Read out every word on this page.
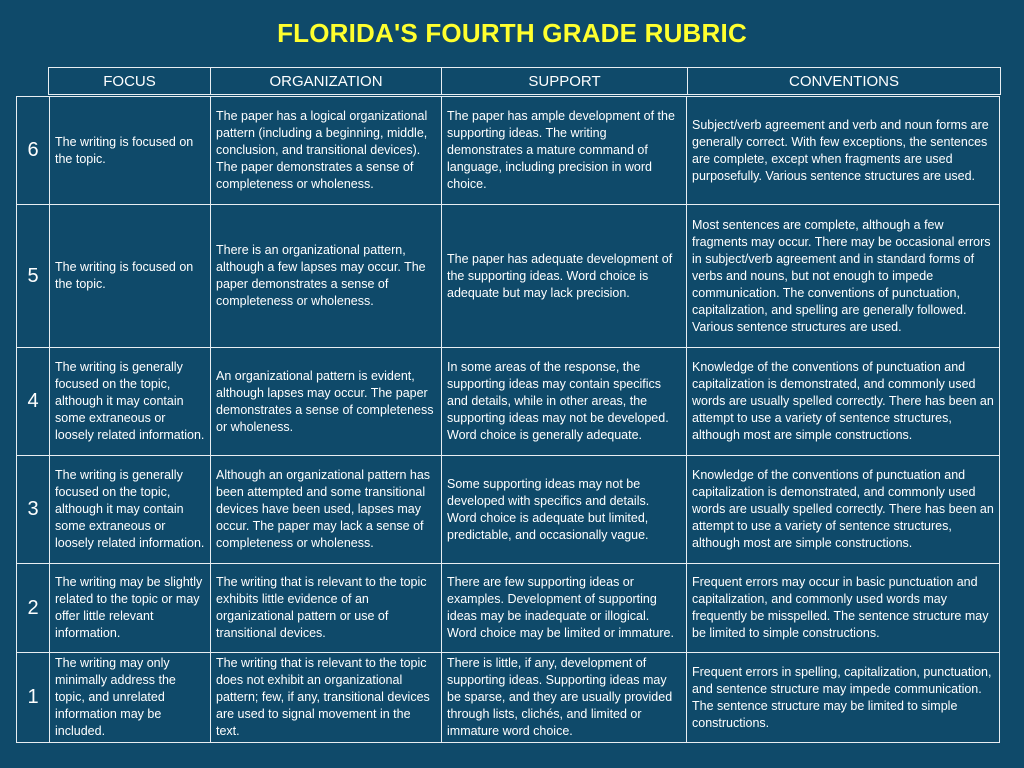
FLORIDA'S FOURTH GRADE RUBRIC
FOCUS	ORGANIZATION	SUPPORT	CONVENTIONS
6	The writing is focused on the topic.	The paper has a logical organizational pattern (including a beginning, middle, conclusion, and transitional devices). The paper demonstrates a sense of completeness or wholeness.	The paper has ample development of the supporting ideas. The writing demonstrates a mature command of language, including precision in word choice.	Subject/verb agreement and verb and noun forms are generally correct. With few exceptions, the sentences are complete, except when fragments are used purposefully. Various sentence structures are used.
5	The writing is focused on the topic.	There is an organizational pattern, although a few lapses may occur. The paper demonstrates a sense of completeness or wholeness.	The paper has adequate development of the supporting ideas. Word choice is adequate but may lack precision.	Most sentences are complete, although a few fragments may occur. There may be occasional errors in subject/verb agreement and in standard forms of verbs and nouns, but not enough to impede communication. The conventions of punctuation, capitalization, and spelling are generally followed. Various sentence structures are used.
4	The writing is generally focused on the topic, although it may contain some extraneous or loosely related information.	An organizational pattern is evident, although lapses may occur. The paper demonstrates a sense of completeness or wholeness.	In some areas of the response, the supporting ideas may contain specifics and details, while in other areas, the supporting ideas may not be developed. Word choice is generally adequate.	Knowledge of the conventions of punctuation and capitalization is demonstrated, and commonly used words are usually spelled correctly. There has been an attempt to use a variety of sentence structures, although most are simple constructions.
3	The writing is generally focused on the topic, although it may contain some extraneous or loosely related information.	Although an organizational pattern has been attempted and some transitional devices have been used, lapses may occur. The paper may lack a sense of completeness or wholeness.	Some supporting ideas may not be developed with specifics and details. Word choice is adequate but limited, predictable, and occasionally vague.	Knowledge of the conventions of punctuation and capitalization is demonstrated, and commonly used words are usually spelled correctly. There has been an attempt to use a variety of sentence structures, although most are simple constructions.
2	The writing may be slightly related to the topic or may offer little relevant information.	The writing that is relevant to the topic exhibits little evidence of an organizational pattern or use of transitional devices.	There are few supporting ideas or examples. Development of supporting ideas may be inadequate or illogical. Word choice may be limited or immature.	Frequent errors may occur in basic punctuation and capitalization, and commonly used words may frequently be misspelled. The sentence structure may be limited to simple constructions.
1	The writing may only minimally address the topic, and unrelated information may be included.	The writing that is relevant to the topic does not exhibit an organizational pattern; few, if any, transitional devices are used to signal movement in the text.	There is little, if any, development of supporting ideas. Supporting ideas may be sparse, and they are usually provided through lists, clichés, and limited or immature word choice.	Frequent errors in spelling, capitalization, punctuation, and sentence structure may impede communication. The sentence structure may be limited to simple constructions.
